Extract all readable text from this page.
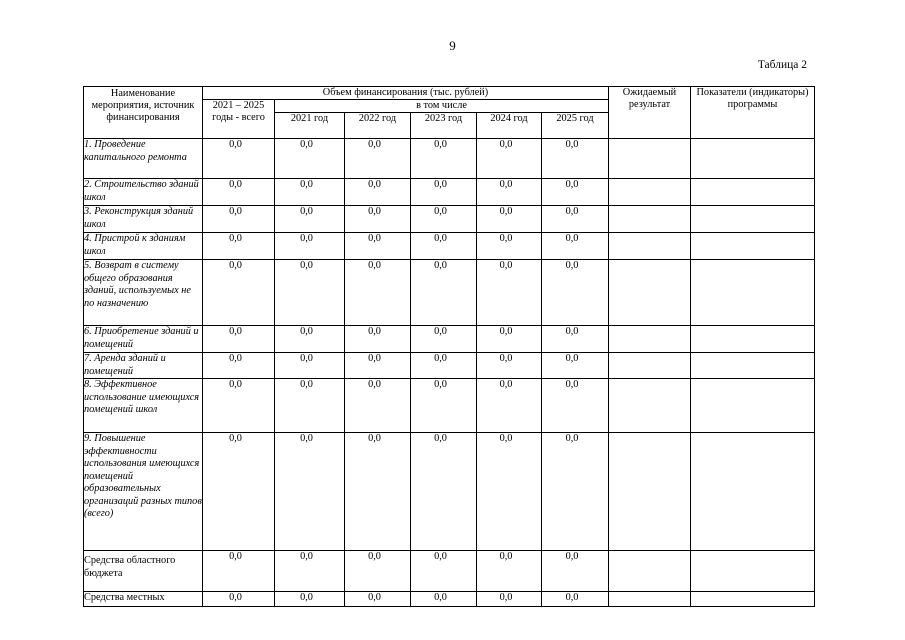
9
Таблица 2
Наименование мероприятия, источник финансирования	Объем финансирования (тыс. рублей)						Ожидаемый результат	Показатели (индикаторы) программы
	2021 – 2025 годы - всего	в том числе						
		2021 год	2022 год	2023 год	2024 год	2025 год		
1. Проведение капитального ремонта	0,0	0,0	0,0	0,0	0,0	0,0		
2. Строительство зданий школ	0,0	0,0	0,0	0,0	0,0	0,0		
3. Реконструкция зданий школ	0,0	0,0	0,0	0,0	0,0	0,0		
4. Пристрой к зданиям школ	0,0	0,0	0,0	0,0	0,0	0,0		
5. Возврат в систему общего образования зданий, используемых не по назначению	0,0	0,0	0,0	0,0	0,0	0,0		
6. Приобретение зданий и помещений	0,0	0,0	0,0	0,0	0,0	0,0		
7. Аренда зданий и помещений	0,0	0,0	0,0	0,0	0,0	0,0		
8. Эффективное использование имеющихся помещений школ	0,0	0,0	0,0	0,0	0,0	0,0		
9. Повышение эффективности использования имеющихся помещений образовательных организаций разных типов (всего)	0,0	0,0	0,0	0,0	0,0	0,0		
Средства областного бюджета	0,0	0,0	0,0	0,0	0,0	0,0		
Средства местных	0,0	0,0	0,0	0,0	0,0	0,0		
